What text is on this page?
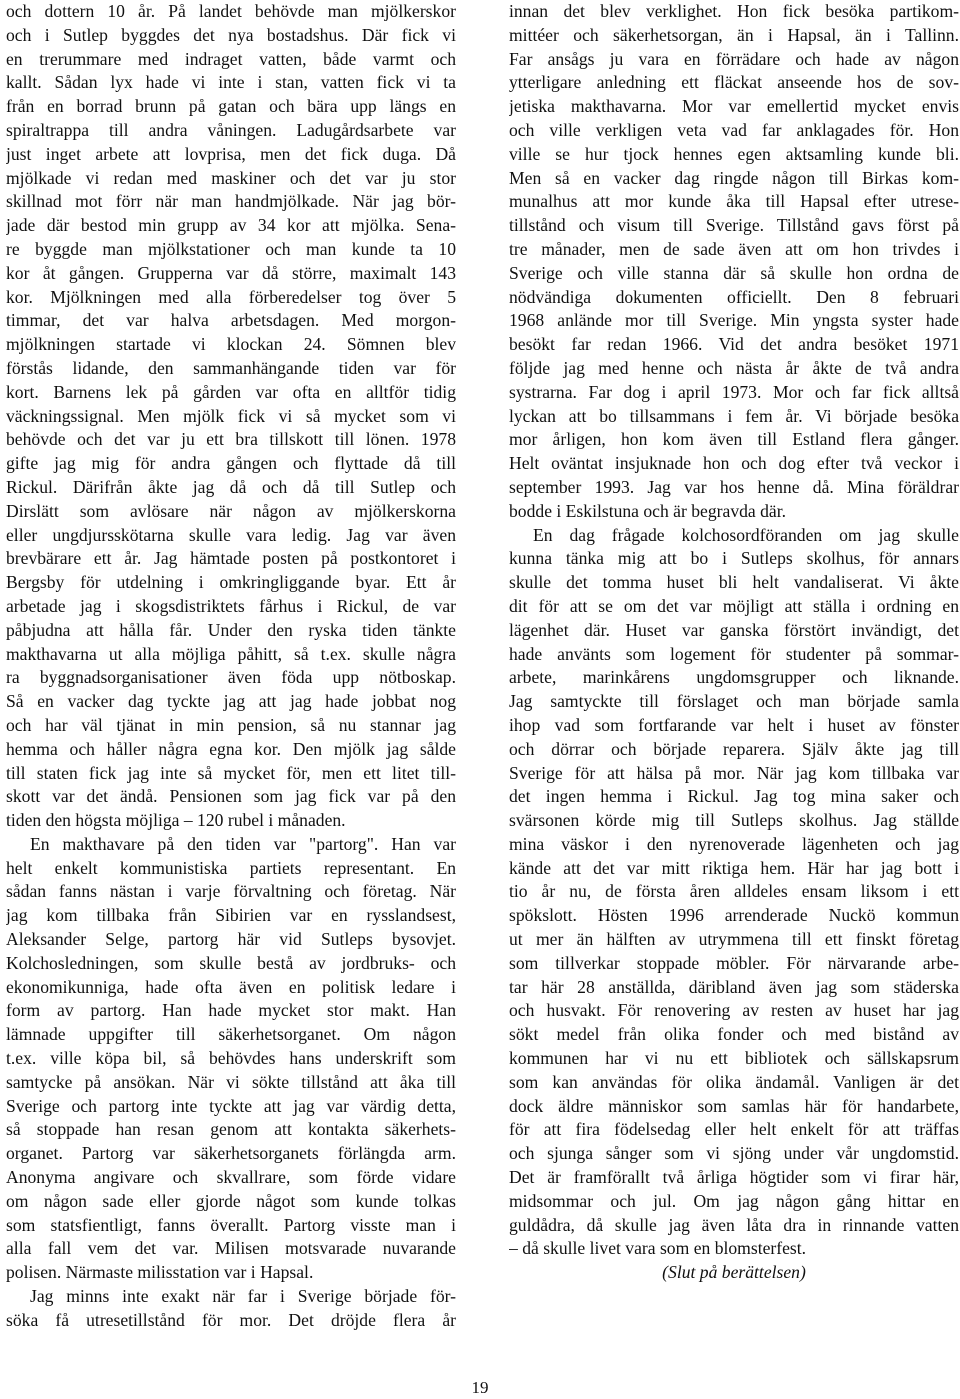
och dottern 10 år. På landet behövde man mjölkerskor
och i Sutlep byggdes det nya bostadshus. Där fick vi
en trerummare med indraget vatten, både varmt och
kallt. Sådan lyx hade vi inte i stan, vatten fick vi ta
från en borrad brunn på gatan och bära upp längs en
spiraltrappa till andra våningen. Ladugårdsarbete var
just inget arbete att lovprisa, men det fick duga. Då
mjölkade vi redan med maskiner och det var ju stor
skillnad mot förr när man handmjölkade. När jag bör-
jade där bestod min grupp av 34 kor att mjölka. Sena-
re byggde man mjölkstationer och man kunde ta 10
kor åt gången. Grupperna var då större, maximalt 143
kor. Mjölkningen med alla förberedelser tog över 5
timmar, det var halva arbetsdagen. Med morgon-
mjölkningen startade vi klockan 24. Sömnen blev
förstås lidande, den sammanhängande tiden var för
kort. Barnens lek på gården var ofta en alltför tidig
väckningssignal. Men mjölk fick vi så mycket som vi
behövde och det var ju ett bra tillskott till lönen. 1978
gifte jag mig för andra gången och flyttade då till
Rickul. Därifrån åkte jag då och då till Sutlep och
Dirslätt som avlösare när någon av mjölkerskorna
eller ungdjursskötarna skulle vara ledig. Jag var även
brevbärare ett år. Jag hämtade posten på postkontoret i
Bergsby för utdelning i omkringliggande byar. Ett år
arbetade jag i skogsdistriktets fårhus i Rickul, de var
påbjudna att hålla får. Under den ryska tiden tänkte
makthavarna ut alla möjliga påhitt, så t.ex. skulle några
ra byggnadsorganisationer även föda upp nötboskap.
Så en vacker dag tyckte jag att jag hade jobbat nog
och har väl tjänat in min pension, så nu stannar jag
hemma och håller några egna kor. Den mjölk jag sålde
till staten fick jag inte så mycket för, men ett litet till-
skott var det ändå. Pensionen som jag fick var på den
tiden den högsta möjliga – 120 rubel i månaden.
En makthavare på den tiden var "partorg". Han var
helt enkelt kommunistiska partiets representant. En
sådan fanns nästan i varje förvaltning och företag. När
jag kom tillbaka från Sibirien var en rysslandsest,
Aleksander Selge, partorg här vid Sutleps bysovjet.
Kolchosledningen, som skulle bestå av jordbruks- och
ekonomikunniga, hade ofta även en politisk ledare i
form av partorg. Han hade mycket stor makt. Han
lämnade uppgifter till säkerhetsorganet. Om någon
t.ex. ville köpa bil, så behövdes hans underskrift som
samtycke på ansökan. När vi sökte tillstånd att åka till
Sverige och partorg inte tyckte att jag var värdig detta,
så stoppade han resan genom att kontakta säkerhets-
organet. Partorg var säkerhetsorganets förlängda arm.
Anonyma angivare och skvallrare, som förde vidare
om någon sade eller gjorde något som kunde tolkas
som statsfientligt, fanns överallt. Partorg visste man i
alla fall vem det var. Milisen motsvarade nuvarande
polisen. Närmaste milisstation var i Hapsal.
Jag minns inte exakt när far i Sverige började för-
söka få utresetillstånd för mor. Det dröjde flera år
innan det blev verklighet. Hon fick besöka partikom-
mittéer och säkerhetsorgan, än i Hapsal, än i Tallinn.
Far ansågs ju vara en förrädare och hade av någon
ytterligare anledning ett fläckat anseende hos de sov-
jetiska makthavarna. Mor var emellertid mycket envis
och ville verkligen veta vad far anklagades för. Hon
ville se hur tjock hennes egen aktsamling kunde bli.
Men så en vacker dag ringde någon till Birkas kom-
munalhus att mor kunde åka till Hapsal efter utrese-
tillstånd och visum till Sverige. Tillstånd gavs först på
tre månader, men de sade även att om hon trivdes i
Sverige och ville stanna där så skulle hon ordna de
nödvändiga dokumenten officiellt. Den 8 februari
1968 anlände mor till Sverige. Min yngsta syster hade
besökt far redan 1966. Vid det andra besöket 1971
följde jag med henne och nästa år åkte de två andra
systrarna. Far dog i april 1973. Mor och far fick alltså
lyckan att bo tillsammans i fem år. Vi började besöka
mor årligen, hon kom även till Estland flera gånger.
Helt oväntat insjuknade hon och dog efter två veckor i
september 1993. Jag var hos henne då. Mina föräldrar
bodde i Eskilstuna och är begravda där.
En dag frågade kolchosordföranden om jag skulle
kunna tänka mig att bo i Sutleps skolhus, för annars
skulle det tomma huset bli helt vandaliserat. Vi åkte
dit för att se om det var möjligt att ställa i ordning en
lägenhet där. Huset var ganska förstört invändigt, det
hade använts som logement för studenter på sommar-
arbete, marinkårens ungdomsgrupper och liknande.
Jag samtyckte till förslaget och man började samla
ihop vad som fortfarande var helt i huset av fönster
och dörrar och började reparera. Själv åkte jag till
Sverige för att hälsa på mor. När jag kom tillbaka var
det ingen hemma i Rickul. Jag tog mina saker och
svärsonen körde mig till Sutleps skolhus. Jag ställde
mina väskor i den nyrenoverade lägenheten och jag
kände att det var mitt riktiga hem. Här har jag bott i
tio år nu, de första åren alldeles ensam liksom i ett
spökslott. Hösten 1996 arrenderade Nuckö kommun
ut mer än hälften av utrymmena till ett finskt företag
som tillverkar stoppade möbler. För närvarande arbe-
tar här 28 anställda, däribland även jag som städerska
och husvakt. För renovering av resten av huset har jag
sökt medel från olika fonder och med bistånd av
kommunen har vi nu ett bibliotek och sällskapsrum
som kan användas för olika ändamål. Vanligen är det
dock äldre människor som samlas här för handarbete,
för att fira födelsedag eller helt enkelt för att träffas
och sjunga sånger som vi sjöng under vår ungdomstid.
Det är framförallt två årliga högtider som vi firar här,
midsommar och jul. Om jag någon gång hittar en
guldådra, då skulle jag även låta dra in rinnande vatten
– då skulle livet vara som en blomsterfest.
(Slut på berättelsen)
19
